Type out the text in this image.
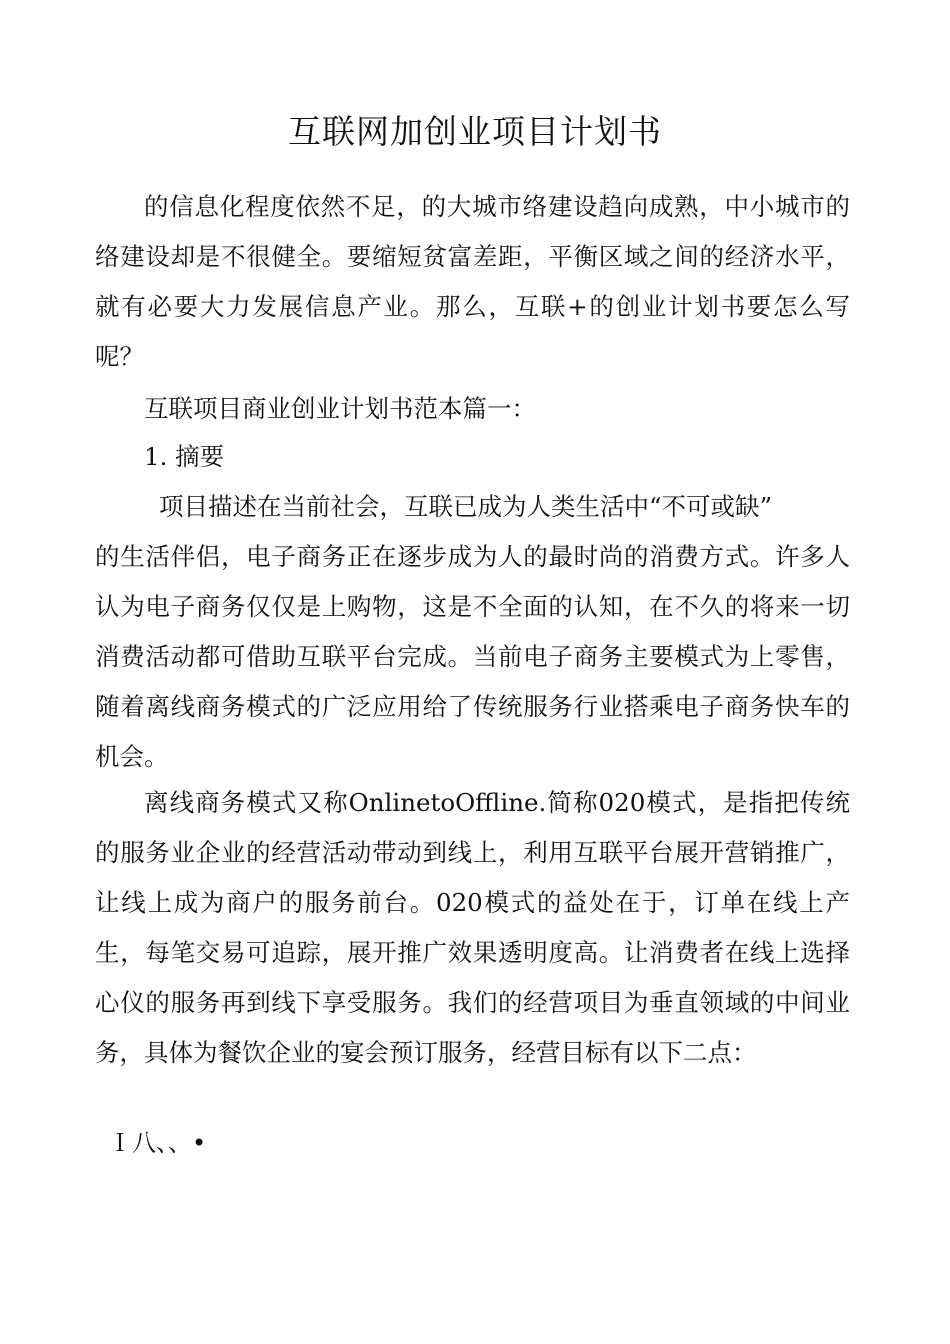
互联网加创业项目计划书

的信息化程度依然不足，的大城市络建设趋向成熟，中小城市的络建设却是不很健全。要缩短贫富差距，平衡区域之间的经济水平，就有必要大力发展信息产业。那么，互联+的创业计划书要怎么写呢？

互联项目商业创业计划书范本篇一：

1. 摘要

项目描述在当前社会，互联已成为人类生活中“不可或缺”
的生活伴侣，电子商务正在逐步成为人的最时尚的消费方式。许多人认为电子商务仅仅是上购物，这是不全面的认知，在不久的将来一切消费活动都可借助互联平台完成。当前电子商务主要模式为上零售，随着离线商务模式的广泛应用给了传统服务行业搭乘电子商务快车的机会。

离线商务模式又称OnlinetoOffline.简称020模式，是指把传统的服务业企业的经营活动带动到线上，利用互联平台展开营销推广，让线上成为商户的服务前台。020模式的益处在于，订单在线上产生，每笔交易可追踪，展开推广效果透明度高。让消费者在线上选择心仪的服务再到线下享受服务。我们的经营项目为垂直领域的中间业务，具体为餐饮企业的宴会预订服务，经营目标有以下二点：

Ｉ八、、•
